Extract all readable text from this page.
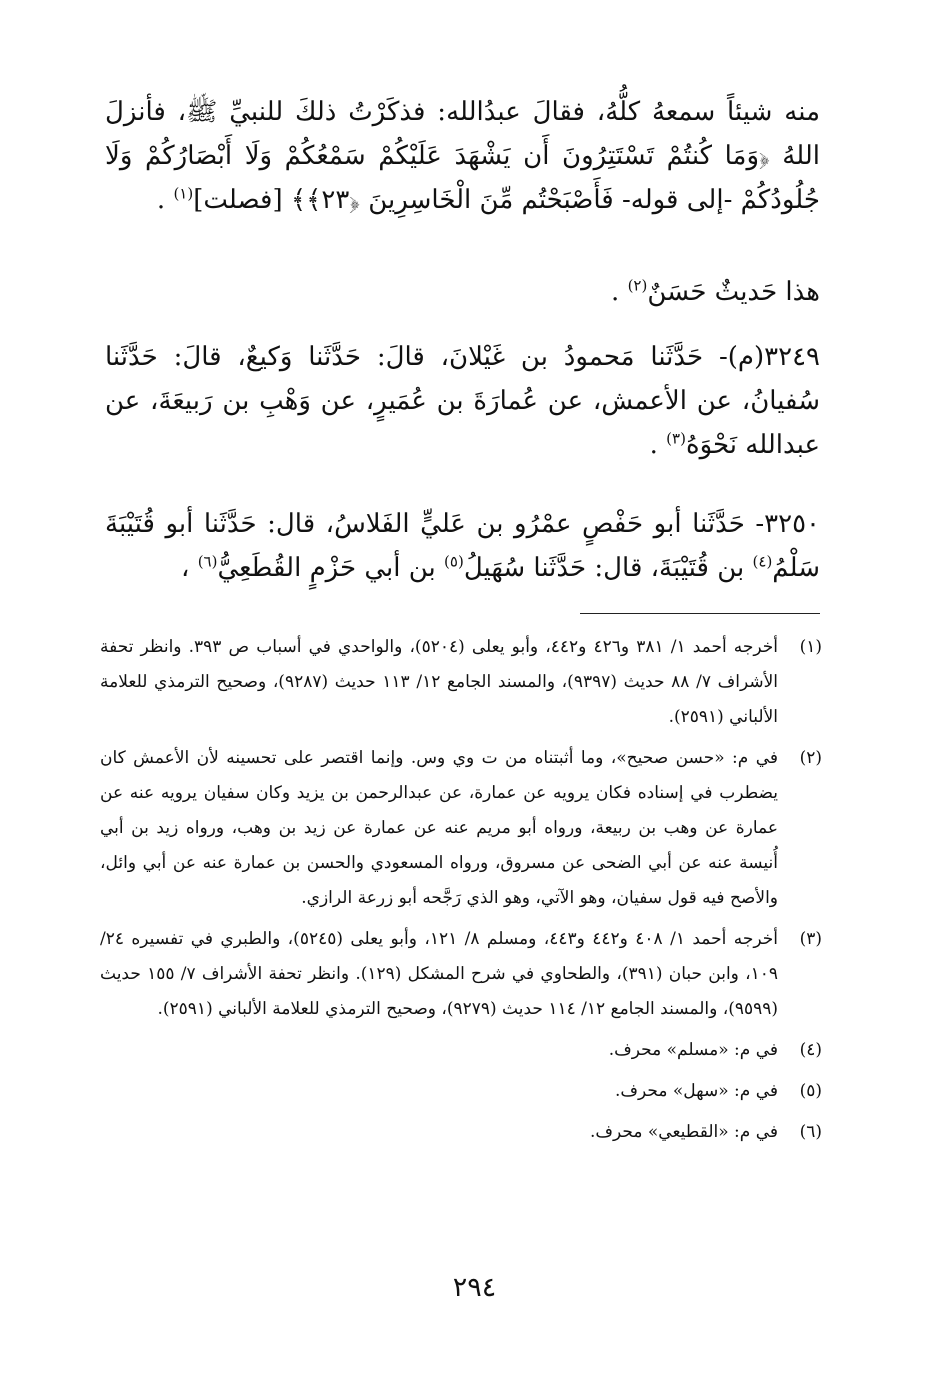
منه شيئاً سمعهُ كلُّهُ، فقالَ عبدُالله: فذكَرْتُ ذلكَ للنبيِّ ﷺ، فأنزلَ اللهُ ﴿وَمَا كُنتُمْ تَسْتَتِرُونَ أَن يَشْهَدَ عَلَيْكُمْ سَمْعُكُمْ وَلَا أَبْصَارُكُمْ وَلَا جُلُودُكُمْ -إلى قوله- فَأَصْبَحْتُم مِّنَ الْخَاسِرِينَ ﴿٢٣﴾﴾ [فصلت]$^{(١)}$ .

هذا حَديثٌ حَسَنٌ$^{(٢)}$ .

٣٢٤٩(م)- حَدَّثَنا مَحمودُ بن غَيْلانَ، قالَ: حَدَّثَنا وَكيعٌ، قالَ: حَدَّثَنا سُفيانُ، عن الأعمش، عن عُمارَةَ بن عُمَيرٍ، عن وَهْبِ بن رَبيعَةَ، عن عبدالله نَحْوَهُ$^{(٣)}$ .

٣٢٥٠- حَدَّثَنا أبو حَفْصٍ عمْرُو بن عَليٍّ الفَلاسُ، قال: حَدَّثَنا أبو قُتَيْبَةَ سَلْمُ$^{(٤)}$ بن قُتَيْبَةَ، قال: حَدَّثَنا سُهَيلُ$^{(٥)}$ بن أبي حَزْمٍ القُطَعِيُّ$^{(٦)}$ ،

(١)
أخرجه أحمد ١/ ٣٨١ و٤٢٦ و٤٤٢، وأبو يعلى (٥٢٠٤)، والواحدي في أسباب ص ٣٩٣. وانظر تحفة الأشراف ٧/ ٨٨ حديث (٩٣٩٧)، والمسند الجامع ١٢/ ١١٣ حديث (٩٢٨٧)، وصحيح الترمذي للعلامة الألباني (٢٥٩١).
(٢)
في م: «حسن صحيح»، وما أثبتناه من ت وي وس. وإنما اقتصر على تحسينه لأن الأعمش كان يضطرب في إسناده فكان يرويه عن عمارة، عن عبدالرحمن بن يزيد وكان سفيان يرويه عنه عن عمارة عن وهب بن ربيعة، ورواه أبو مريم عنه عن عمارة عن زيد بن وهب، ورواه زيد بن أبي أُنيسة عنه عن أبي الضحى عن مسروق، ورواه المسعودي والحسن بن عمارة عنه عن أبي وائل، والأصح فيه قول سفيان، وهو الآتي، وهو الذي رَجَّحه أبو زرعة الرازي.
(٣)
أخرجه أحمد ١/ ٤٠٨ و٤٤٢ و٤٤٣، ومسلم ٨/ ١٢١، وأبو يعلى (٥٢٤٥)، والطبري في تفسيره ٢٤/ ١٠٩، وابن حبان (٣٩١)، والطحاوي في شرح المشكل (١٢٩). وانظر تحفة الأشراف ٧/ ١٥٥ حديث (٩٥٩٩)، والمسند الجامع ١٢/ ١١٤ حديث (٩٢٧٩)، وصحيح الترمذي للعلامة الألباني (٢٥٩١).
(٤)
في م: «مسلم» محرف.
(٥)
في م: «سهل» محرف.
(٦)
في م: «القطيعي» محرف.
٢٩٤
